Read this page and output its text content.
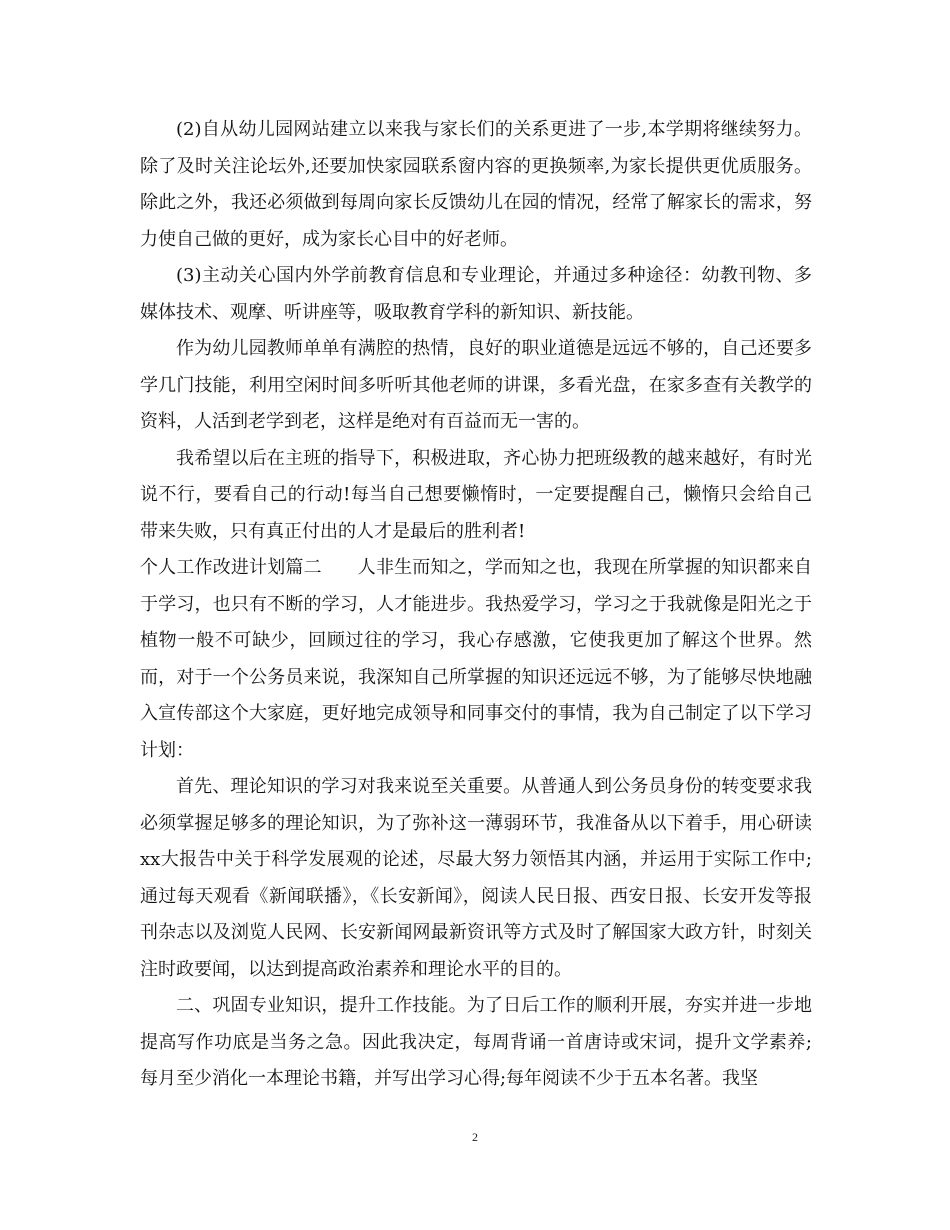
(2)自从幼儿园网站建立以来我与家长们的关系更进了一步,本学期将继续努力。除了及时关注论坛外,还要加快家园联系窗内容的更换频率,为家长提供更优质服务。除此之外，我还必须做到每周向家长反馈幼儿在园的情况，经常了解家长的需求，努力使自己做的更好，成为家长心目中的好老师。

(3)主动关心国内外学前教育信息和专业理论，并通过多种途径：幼教刊物、多媒体技术、观摩、听讲座等，吸取教育学科的新知识、新技能。

作为幼儿园教师单单有满腔的热情，良好的职业道德是远远不够的，自己还要多学几门技能，利用空闲时间多听听其他老师的讲课，多看光盘，在家多查有关教学的资料，人活到老学到老，这样是绝对有百益而无一害的。

我希望以后在主班的指导下，积极进取，齐心协力把班级教的越来越好，有时光说不行，要看自己的行动!每当自己想要懒惰时，一定要提醒自己，懒惰只会给自己带来失败，只有真正付出的人才是最后的胜利者!

个人工作改进计划篇二 人非生而知之，学而知之也，我现在所掌握的知识都来自于学习，也只有不断的学习，人才能进步。我热爱学习，学习之于我就像是阳光之于植物一般不可缺少，回顾过往的学习，我心存感激，它使我更加了解这个世界。然而，对于一个公务员来说，我深知自己所掌握的知识还远远不够，为了能够尽快地融入宣传部这个大家庭，更好地完成领导和同事交付的事情，我为自己制定了以下学习计划：

首先、理论知识的学习对我来说至关重要。从普通人到公务员身份的转变要求我必须掌握足够多的理论知识，为了弥补这一薄弱环节，我准备从以下着手，用心研读xx大报告中关于科学发展观的论述，尽最大努力领悟其内涵，并运用于实际工作中;通过每天观看《新闻联播》，《长安新闻》，阅读人民日报、西安日报、长安开发等报刊杂志以及浏览人民网、长安新闻网最新资讯等方式及时了解国家大政方针，时刻关注时政要闻，以达到提高政治素养和理论水平的目的。

二、巩固专业知识，提升工作技能。为了日后工作的顺利开展，夯实并进一步地提高写作功底是当务之急。因此我决定，每周背诵一首唐诗或宋词，提升文学素养;每月至少消化一本理论书籍，并写出学习心得;每年阅读不少于五本名著。我坚

2
